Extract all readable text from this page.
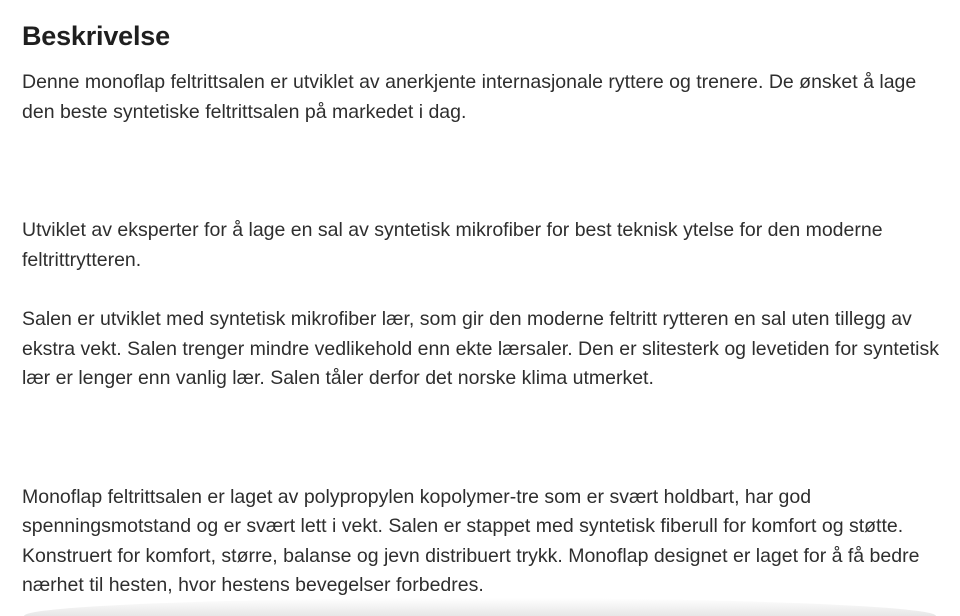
Beskrivelse

Denne monoflap feltrittsalen er utviklet av anerkjente internasjonale ryttere og trenere. De ønsket å lage den beste syntetiske feltrittsalen på markedet i dag.

Utviklet av eksperter for å lage en sal av syntetisk mikrofiber for best teknisk ytelse for den moderne feltrittrytteren.

Salen er utviklet med syntetisk mikrofiber lær, som gir den moderne feltritt rytteren en sal uten tillegg av ekstra vekt. Salen trenger mindre vedlikehold enn ekte lærsaler. Den er slitesterk og levetiden for syntetisk lær er lenger enn vanlig lær. Salen tåler derfor det norske klima utmerket.

Monoflap feltrittsalen er laget av polypropylen kopolymer-tre som er svært holdbart, har god spenningsmotstand og er svært lett i vekt. Salen er stappet med syntetisk fiberull for komfort og støtte. Konstruert for komfort, større, balanse og jevn distribuert trykk. Monoflap designet er laget for å få bedre nærhet til hesten, hvor hestens bevegelser forbedres.
